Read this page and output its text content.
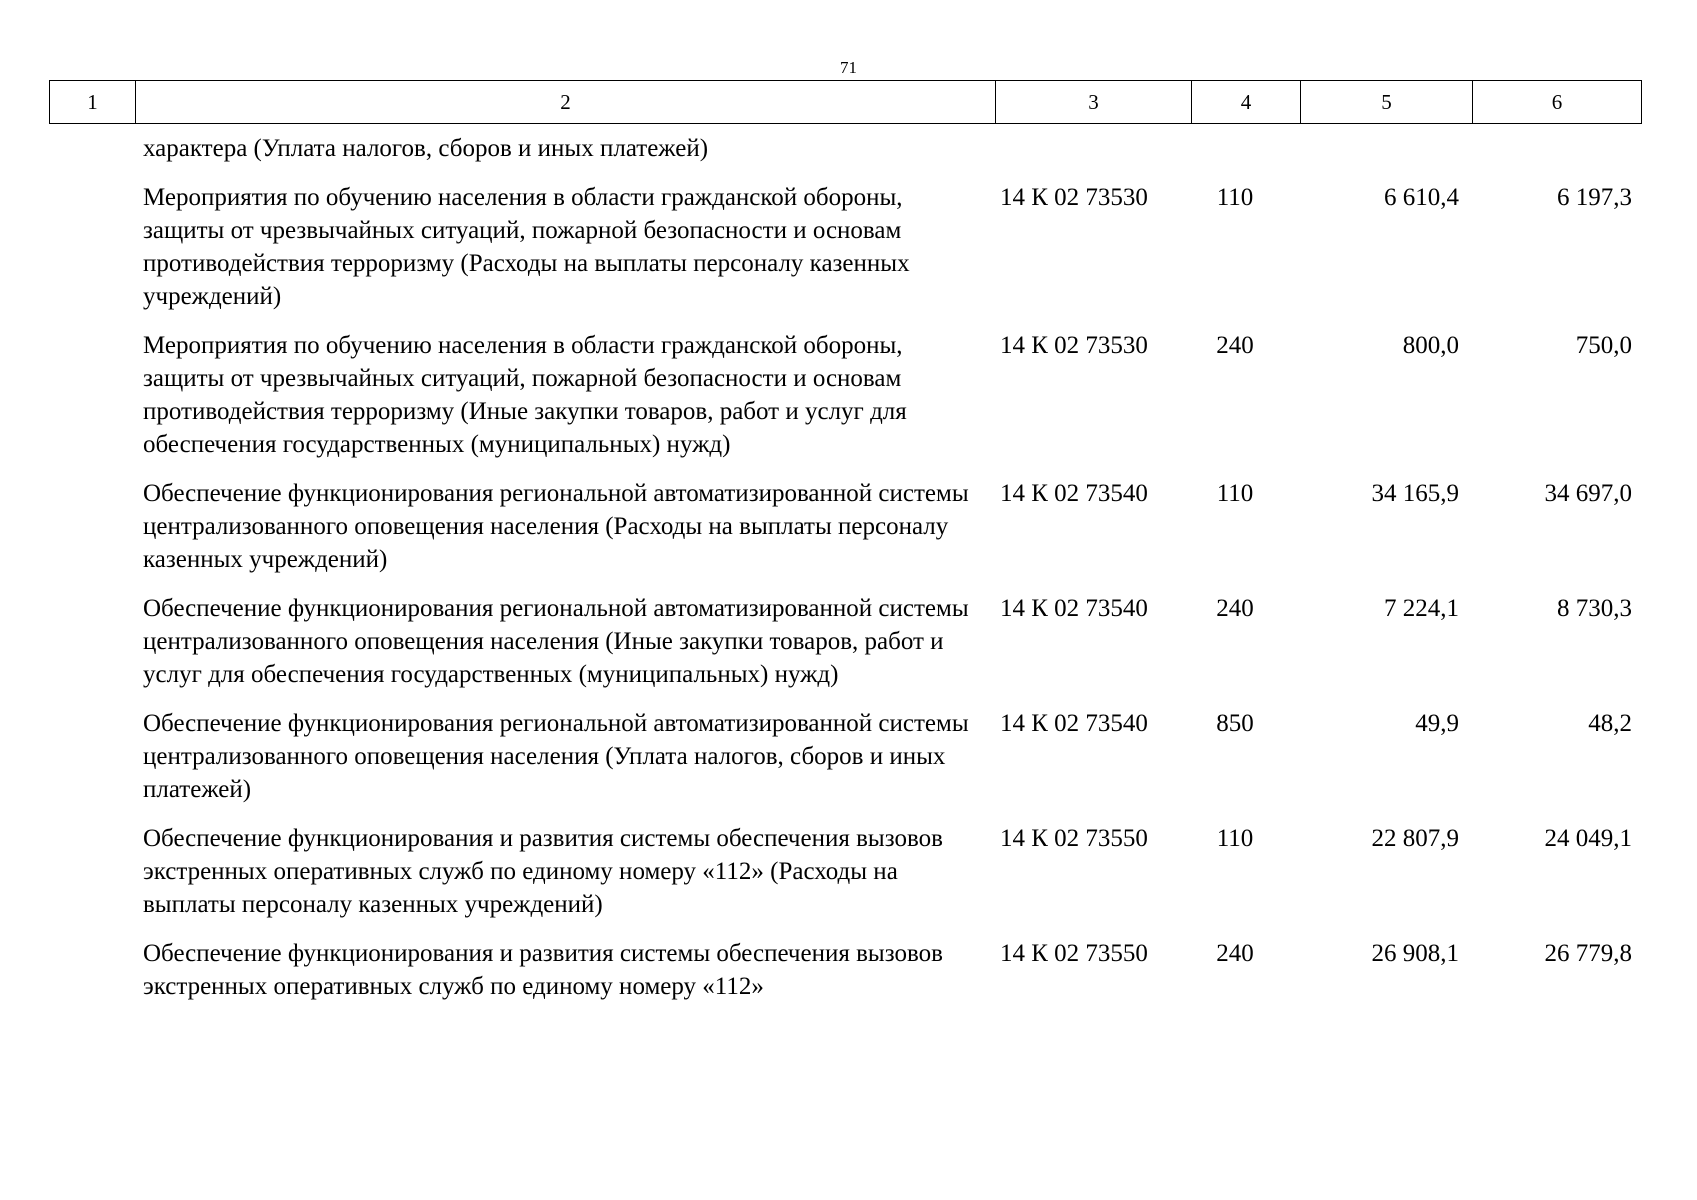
71
1	2	3	4	5	6
характера (Уплата налогов, сборов и иных платежей)
Мероприятия по обучению населения в области гражданской обороны, защиты от чрезвычайных ситуаций, пожарной безопасности и основам противодействия терроризму (Расходы на выплаты персоналу казенных учреждений)
14 К 02 73530	110	6 610,4	6 197,3
Мероприятия по обучению населения в области гражданской обороны, защиты от чрезвычайных ситуаций, пожарной безопасности и основам противодействия терроризму (Иные закупки товаров, работ и услуг для обеспечения государственных (муниципальных) нужд)
14 К 02 73530	240	800,0	750,0
Обеспечение функционирования региональной автоматизированной системы централизованного оповещения населения (Расходы на выплаты персоналу казенных учреждений)
14 К 02 73540	110	34 165,9	34 697,0
Обеспечение функционирования региональной автоматизированной системы централизованного оповещения населения (Иные закупки товаров, работ и услуг для обеспечения государственных (муниципальных) нужд)
14 К 02 73540	240	7 224,1	8 730,3
Обеспечение функционирования региональной автоматизированной системы централизованного оповещения населения (Уплата налогов, сборов и иных платежей)
14 К 02 73540	850	49,9	48,2
Обеспечение функционирования и развития системы обеспечения вызовов экстренных оперативных служб по единому номеру «112» (Расходы на выплаты персоналу казенных учреждений)
14 К 02 73550	110	22 807,9	24 049,1
Обеспечение функционирования и развития системы обеспечения вызовов экстренных оперативных служб по единому номеру «112»
14 К 02 73550	240	26 908,1	26 779,8
